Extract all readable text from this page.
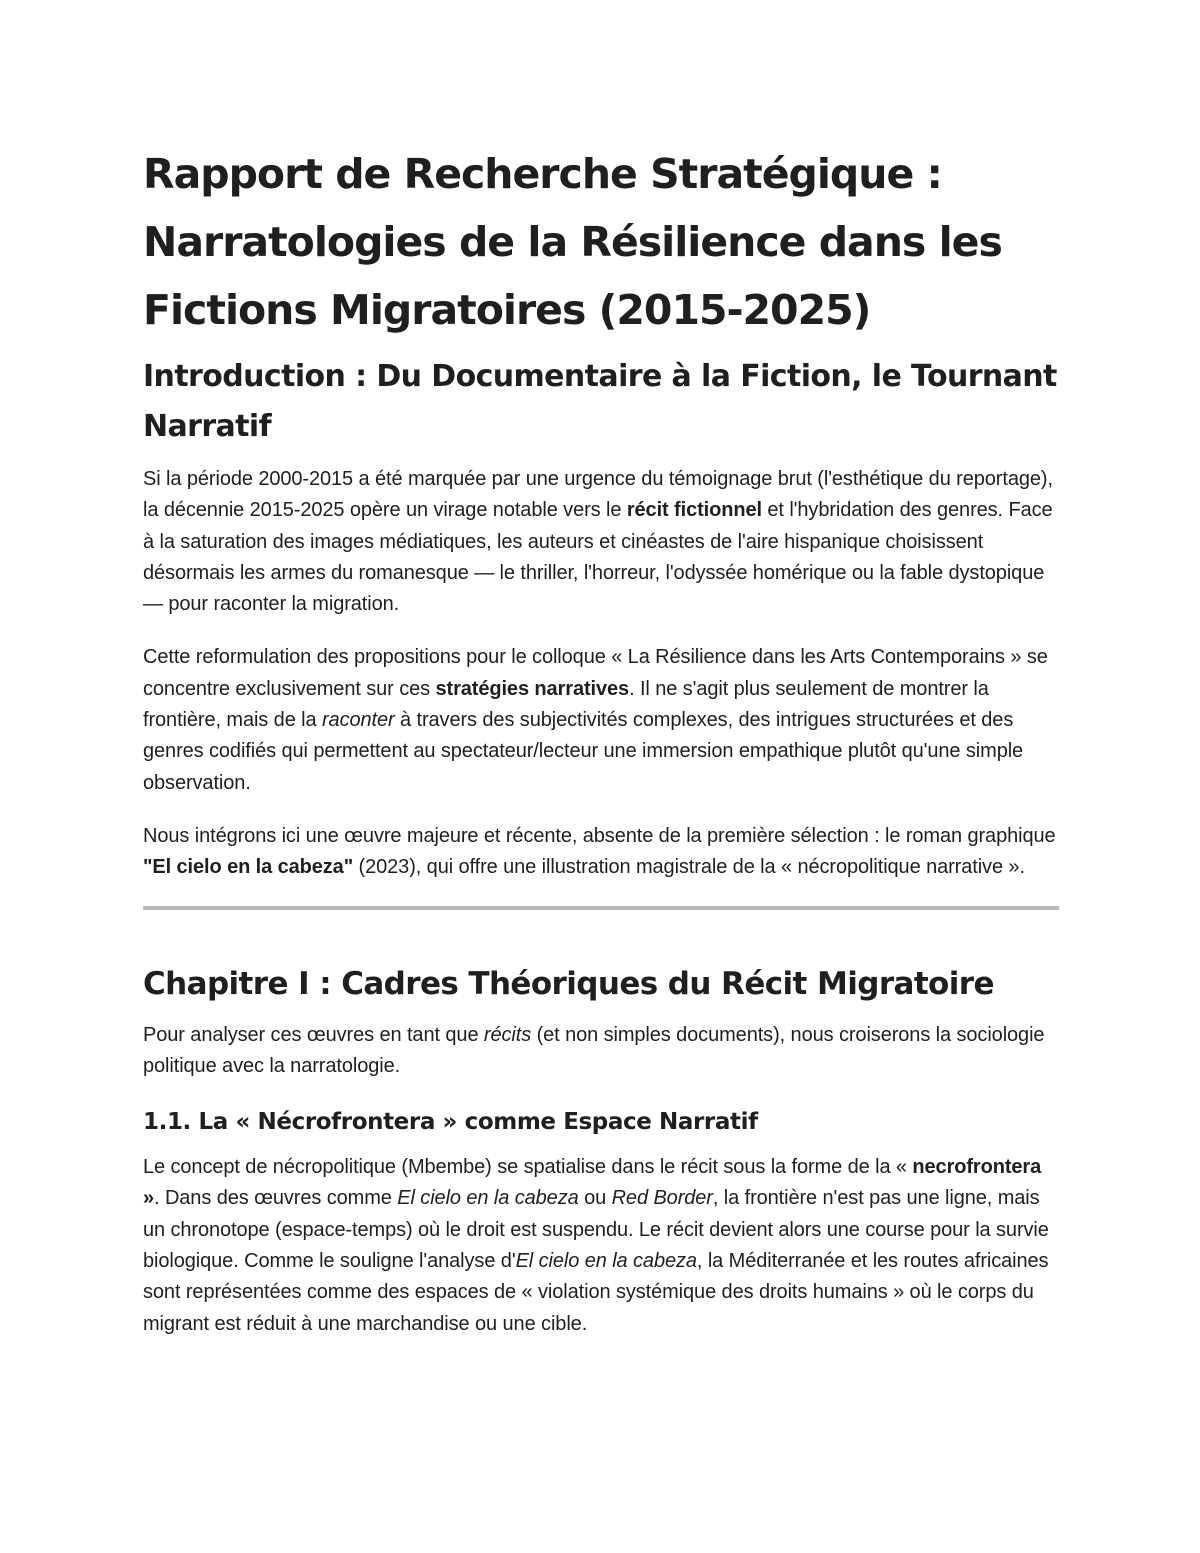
Rapport de Recherche Stratégique : Narratologies de la Résilience dans les Fictions Migratoires (2015-2025)
Introduction : Du Documentaire à la Fiction, le Tournant Narratif

Si la période 2000-2015 a été marquée par une urgence du témoignage brut (l'esthétique du reportage), la décennie 2015-2025 opère un virage notable vers le récit fictionnel et l'hybridation des genres. Face à la saturation des images médiatiques, les auteurs et cinéastes de l'aire hispanique choisissent désormais les armes du romanesque — le thriller, l'horreur, l'odyssée homérique ou la fable dystopique — pour raconter la migration.

Cette reformulation des propositions pour le colloque « La Résilience dans les Arts Contemporains » se concentre exclusivement sur ces stratégies narratives. Il ne s'agit plus seulement de montrer la frontière, mais de la raconter à travers des subjectivités complexes, des intrigues structurées et des genres codifiés qui permettent au spectateur/lecteur une immersion empathique plutôt qu'une simple observation.

Nous intégrons ici une œuvre majeure et récente, absente de la première sélection : le roman graphique "El cielo en la cabeza" (2023), qui offre une illustration magistrale de la « nécropolitique narrative ».

Chapitre I : Cadres Théoriques du Récit Migratoire

Pour analyser ces œuvres en tant que récits (et non simples documents), nous croiserons la sociologie politique avec la narratologie.

1.1. La « Nécrofrontera » comme Espace Narratif

Le concept de nécropolitique (Mbembe) se spatialise dans le récit sous la forme de la « necrofrontera ». Dans des œuvres comme El cielo en la cabeza ou Red Border, la frontière n'est pas une ligne, mais un chronotope (espace-temps) où le droit est suspendu. Le récit devient alors une course pour la survie biologique. Comme le souligne l'analyse d'El cielo en la cabeza, la Méditerranée et les routes africaines sont représentées comme des espaces de « violation systémique des droits humains » où le corps du migrant est réduit à une marchandise ou une cible.
